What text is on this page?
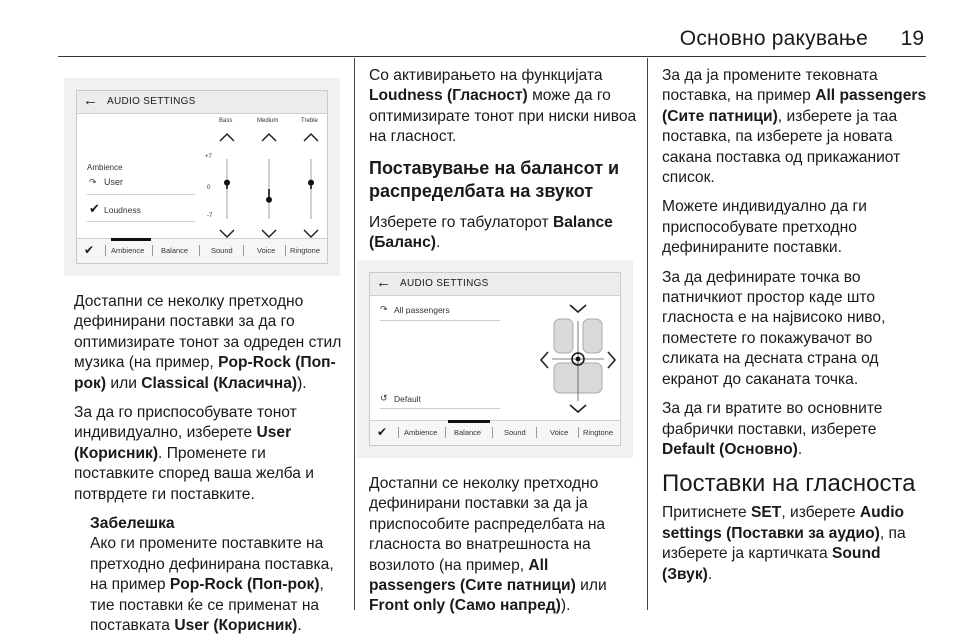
Основно ракување 19
← AUDIO SETTINGS
Bass	Medium	Treble
+7
0
-7
Ambience
↷ User
✔ Loudness
✔ Ambience Balance	Sound	Voice Ringtone

Достапни се неколку претходно дефинирани поставки за да го оптимизирате тонот за одреден стил музика (на пример, Pop-Rock (Поп-рок) или Classical (Класична)).

За да го приспособувате тонот индивидуално, изберете User (Корисник). Променете ги поставките според ваша желба и потврдете ги поставките.

Забелешка
Ако ги промените поставките на претходно дефинирана поставка, на пример Pop-Rock (Поп-рок), тие поставки ќе се применат на поставката User (Корисник).

Со активирањето на функцијата Loudness (Гласност) може да го оптимизирате тонот при ниски нивоа на гласност.

Поставување на балансот и распределбата на звукот

Изберете го табулаторот Balance (Баланс).

← AUDIO SETTINGS
↷ All passengers
↺ Default
✔ Ambience Balance	Sound	Voice Ringtone

Достапни се неколку претходно дефинирани поставки за да ја приспособите распределбата на гласноста во внатрешноста на возилото (на пример, All passengers (Сите патници) или Front only (Само напред)).

За да ја промените тековната поставка, на пример All passengers (Сите патници), изберете ја таа поставка, па изберете ја новата сакана поставка од прикажаниот список.

Можете индивидуално да ги приспособувате претходно дефинираните поставки.

За да дефинирате точка во патничкиот простор каде што гласноста е на највисоко ниво, поместете го покажувачот во сликата на десната страна од екранот до саканата точка.

За да ги вратите во основните фабрички поставки, изберете Default (Основно).

Поставки на гласноста

Притиснете SET, изберете Audio settings (Поставки за аудио), па изберете ја картичката Sound (Звук).
